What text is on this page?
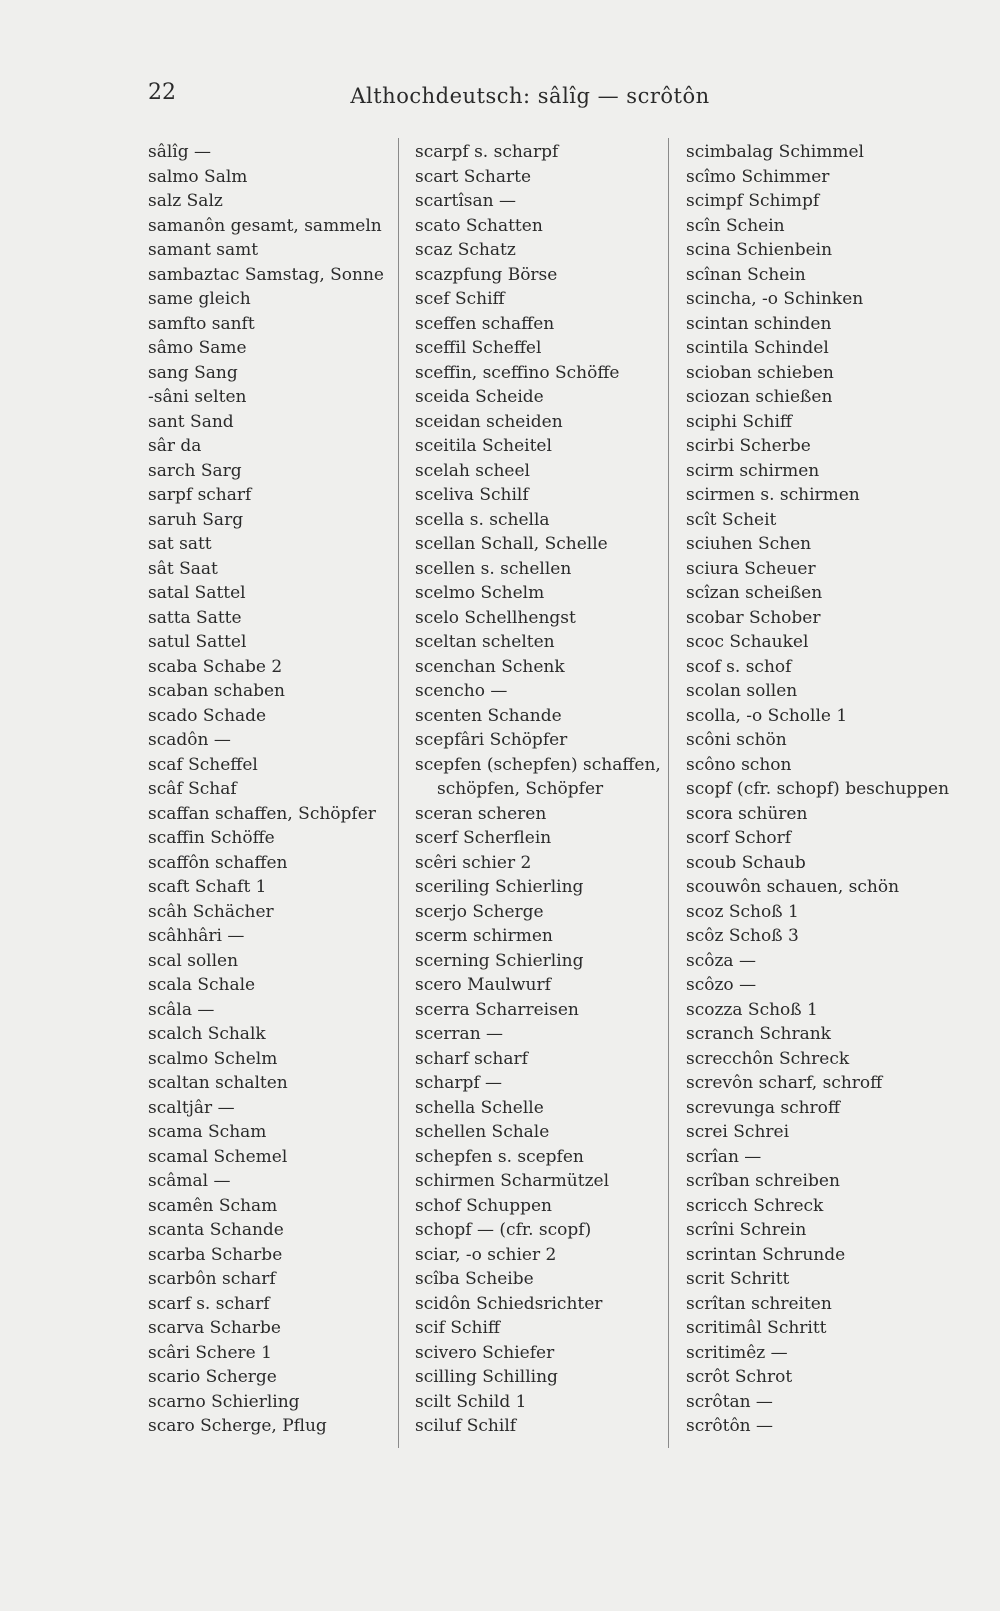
22	Althochdeutsch: sâlîg — scrôtôn
sâlîg —
salmo Salm
salz Salz
samanôn gesamt, sammeln
samant samt
sambaztac Samstag, Sonne
same gleich
samfto sanft
sâmo Same
sang Sang
-sâni selten
sant Sand
sâr da
sarch Sarg
sarpf scharf
saruh Sarg
sat satt
sât Saat
satal Sattel
satta Satte
satul Sattel
scaba Schabe 2
scaban schaben
scado Schade
scadôn —
scaf Scheffel
scâf Schaf
scaffan schaffen, Schöpfer
scaffin Schöffe
scaffôn schaffen
scaft Schaft 1
scâh Schächer
scâhhâri —
scal sollen
scala Schale
scâla —
scalch Schalk
scalmo Schelm
scaltan schalten
scaltjâr —
scama Scham
scamal Schemel
scâmal —
scamên Scham
scanta Schande
scarba Scharbe
scarbôn scharf
scarf s. scharf
scarva Scharbe
scâri Schere 1
scario Scherge
scarno Schierling
scaro Scherge, Pflug
scarpf s. scharpf
scart Scharte
scartîsan —
scato Schatten
scaz Schatz
scazpfung Börse
scef Schiff
sceffen schaffen
sceffil Scheffel
sceffin, sceffino Schöffe
sceida Scheide
sceidan scheiden
sceitila Scheitel
scelah scheel
sceliva Schilf
scella s. schella
scellan Schall, Schelle
scellen s. schellen
scelmo Schelm
scelo Schellhengst
sceltan schelten
scenchan Schenk
scencho —
scenten Schande
scepfâri Schöpfer
scepfen (schepfen) schaffen,
schöpfen, Schöpfer
sceran scheren
scerf Scherflein
scêri schier 2
sceriling Schierling
scerjo Scherge
scerm schirmen
scerning Schierling
scero Maulwurf
scerra Scharreisen
scerran —
scharf scharf
scharpf —
schella Schelle
schellen Schale
schepfen s. scepfen
schirmen Scharmützel
schof Schuppen
schopf — (cfr. scopf)
sciar, -o schier 2
scîba Scheibe
scidôn Schiedsrichter
scif Schiff
scivero Schiefer
scilling Schilling
scilt Schild 1
sciluf Schilf
scimbalag Schimmel
scîmo Schimmer
scimpf Schimpf
scîn Schein
scina Schienbein
scînan Schein
scincha, -o Schinken
scintan schinden
scintila Schindel
scioban schieben
sciozan schießen
sciphi Schiff
scirbi Scherbe
scirm schirmen
scirmen s. schirmen
scît Scheit
sciuhen Schen
sciura Scheuer
scîzan scheißen
scobar Schober
scoc Schaukel
scof s. schof
scolan sollen
scolla, -o Scholle 1
scôni schön
scôno schon
scopf (cfr. schopf) beschuppen
scora schüren
scorf Schorf
scoub Schaub
scouwôn schauen, schön
scoz Schoß 1
scôz Schoß 3
scôza —
scôzo —
scozza Schoß 1
scranch Schrank
screcchôn Schreck
screvôn scharf, schroff
screvunga schroff
screi Schrei
scrîan —
scrîban schreiben
scricch Schreck
scrîni Schrein
scrintan Schrunde
scrit Schritt
scrîtan schreiten
scritimâl Schritt
scritimêz —
scrôt Schrot
scrôtan —
scrôtôn —
